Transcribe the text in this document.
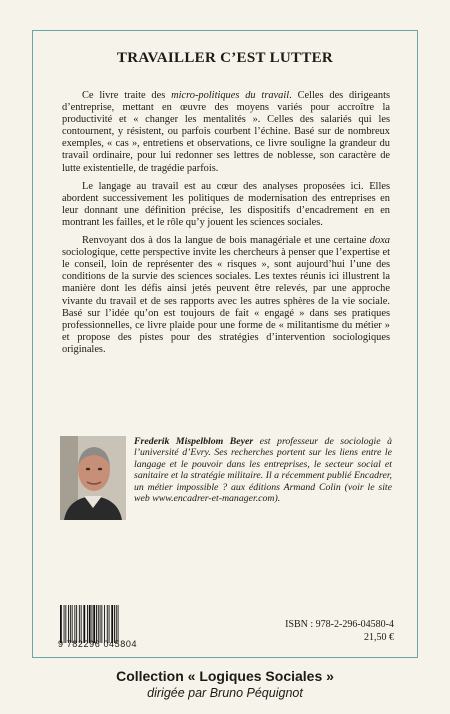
TRAVAILLER C’EST LUTTER

Ce livre traite des micro-politiques du travail. Celles des dirigeants d’entreprise, mettant en œuvre des moyens variés pour accroître la productivité et « changer les mentalités ». Celles des salariés qui les contournent, y résistent, ou parfois courbent l’échine. Basé sur de nombreux exemples, « cas », entretiens et observations, ce livre souligne la grandeur du travail ordinaire, pour lui redonner ses lettres de noblesse, son caractère de lutte existentielle, de tragédie parfois.

Le langage au travail est au cœur des analyses proposées ici. Elles abordent successivement les politiques de modernisation des entreprises en leur donnant une définition précise, les dispositifs d’encadrement en en montrant les failles, et le rôle qu’y jouent les sciences sociales.

Renvoyant dos à dos la langue de bois managériale et une certaine doxa sociologique, cette perspective invite les chercheurs à penser que l’expertise et le conseil, loin de représenter des « risques », sont aujourd’hui l’une des conditions de la survie des sciences sociales. Les textes réunis ici illustrent la manière dont les défis ainsi jetés peuvent être relevés, par une approche vivante du travail et de ses rapports avec les autres sphères de la vie sociale. Basé sur l’idée qu’on est toujours de fait « engagé » dans ses pratiques professionnelles, ce livre plaide pour une forme de « militantisme du métier » et propose des pistes pour des stratégies d’intervention sociologiques originales.

Frederik Mispelblom Beyer est professeur de sociologie à l’université d’Evry. Ses recherches portent sur les liens entre le langage et le pouvoir dans les entreprises, le secteur social et sanitaire et la stratégie militaire. Il a récemment publié Encadrer, un métier impossible ? aux éditions Armand Colin (voir le site web www.encadrer-et-manager.com).
9 782296 045804
ISBN : 978-2-296-04580-4
21,50 €
Collection « Logiques Sociales »
dirigée par Bruno Péquignot
